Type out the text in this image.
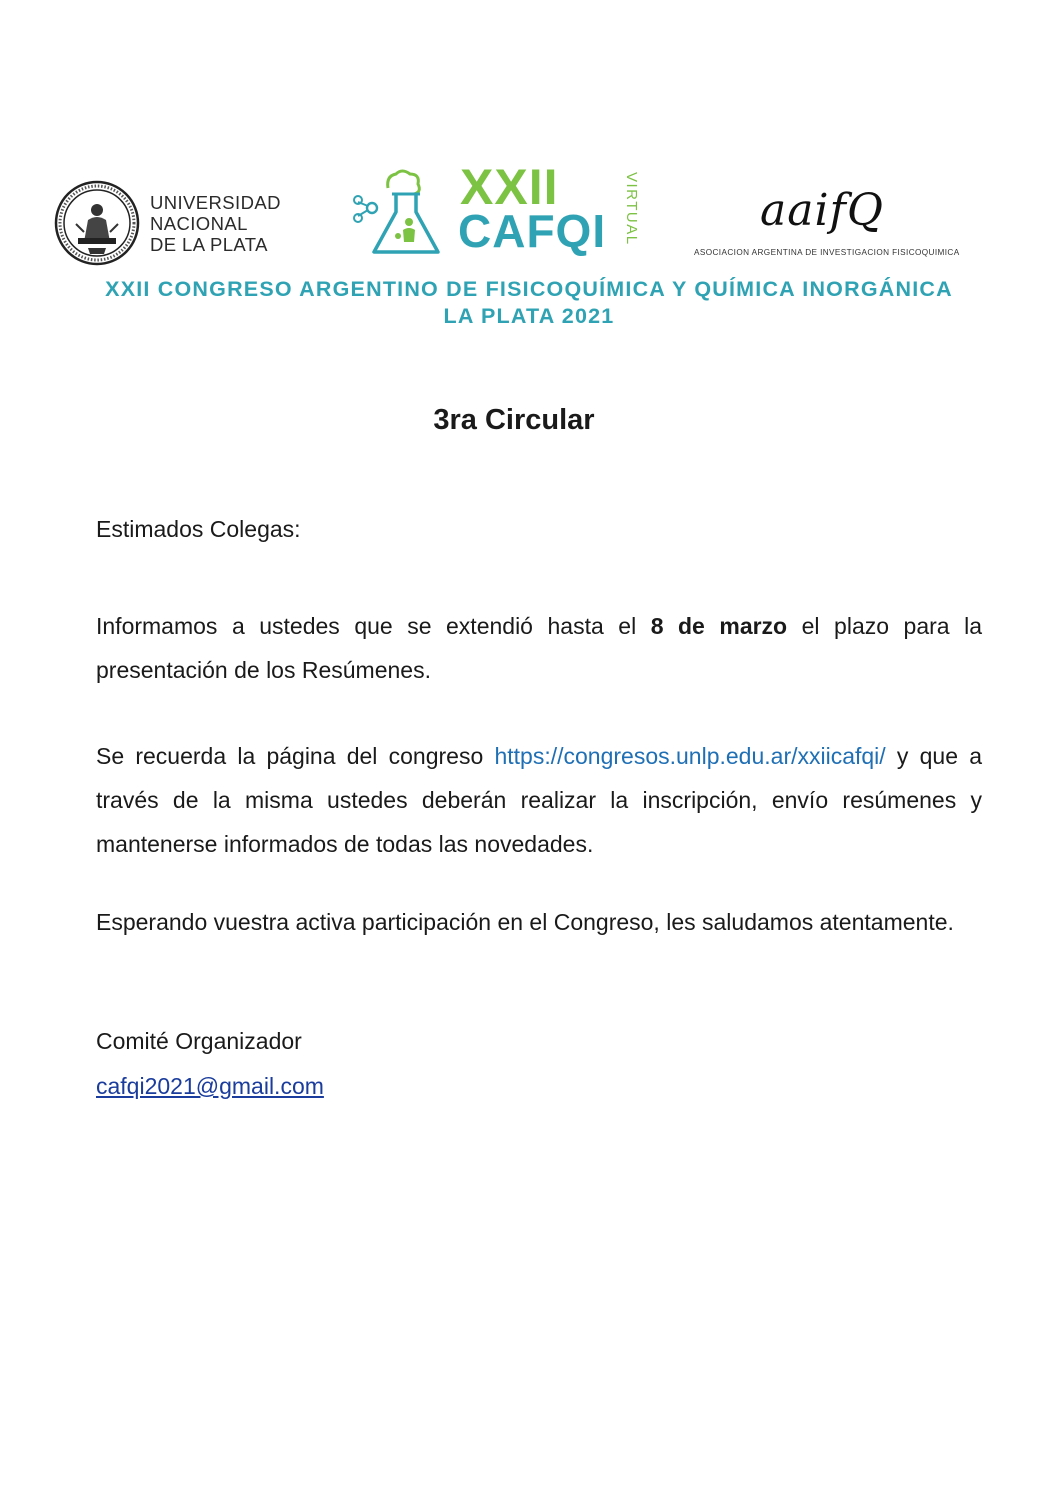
UNIVERSIDAD
NACIONAL
DE LA PLATA
XXII
CAFQI VIRTUAL	aaifQ
ASOCIACION ARGENTINA DE INVESTIGACION FISICOQUIMICA
XXII CONGRESO ARGENTINO DE FISICOQUÍMICA Y QUÍMICA INORGÁNICA
LA PLATA 2021
3ra Circular
Estimados Colegas:
Informamos a ustedes que se extendió hasta el 8 de marzo el plazo para la presentación de los Resúmenes.
Se recuerda la página del congreso https://congresos.unlp.edu.ar/xxiicafqi/ y que a través de la misma ustedes deberán realizar la inscripción, envío resúmenes y mantenerse informados de todas las novedades.
Esperando vuestra activa participación en el Congreso, les saludamos atentamente.
Comité Organizador
cafqi2021@gmail.com
